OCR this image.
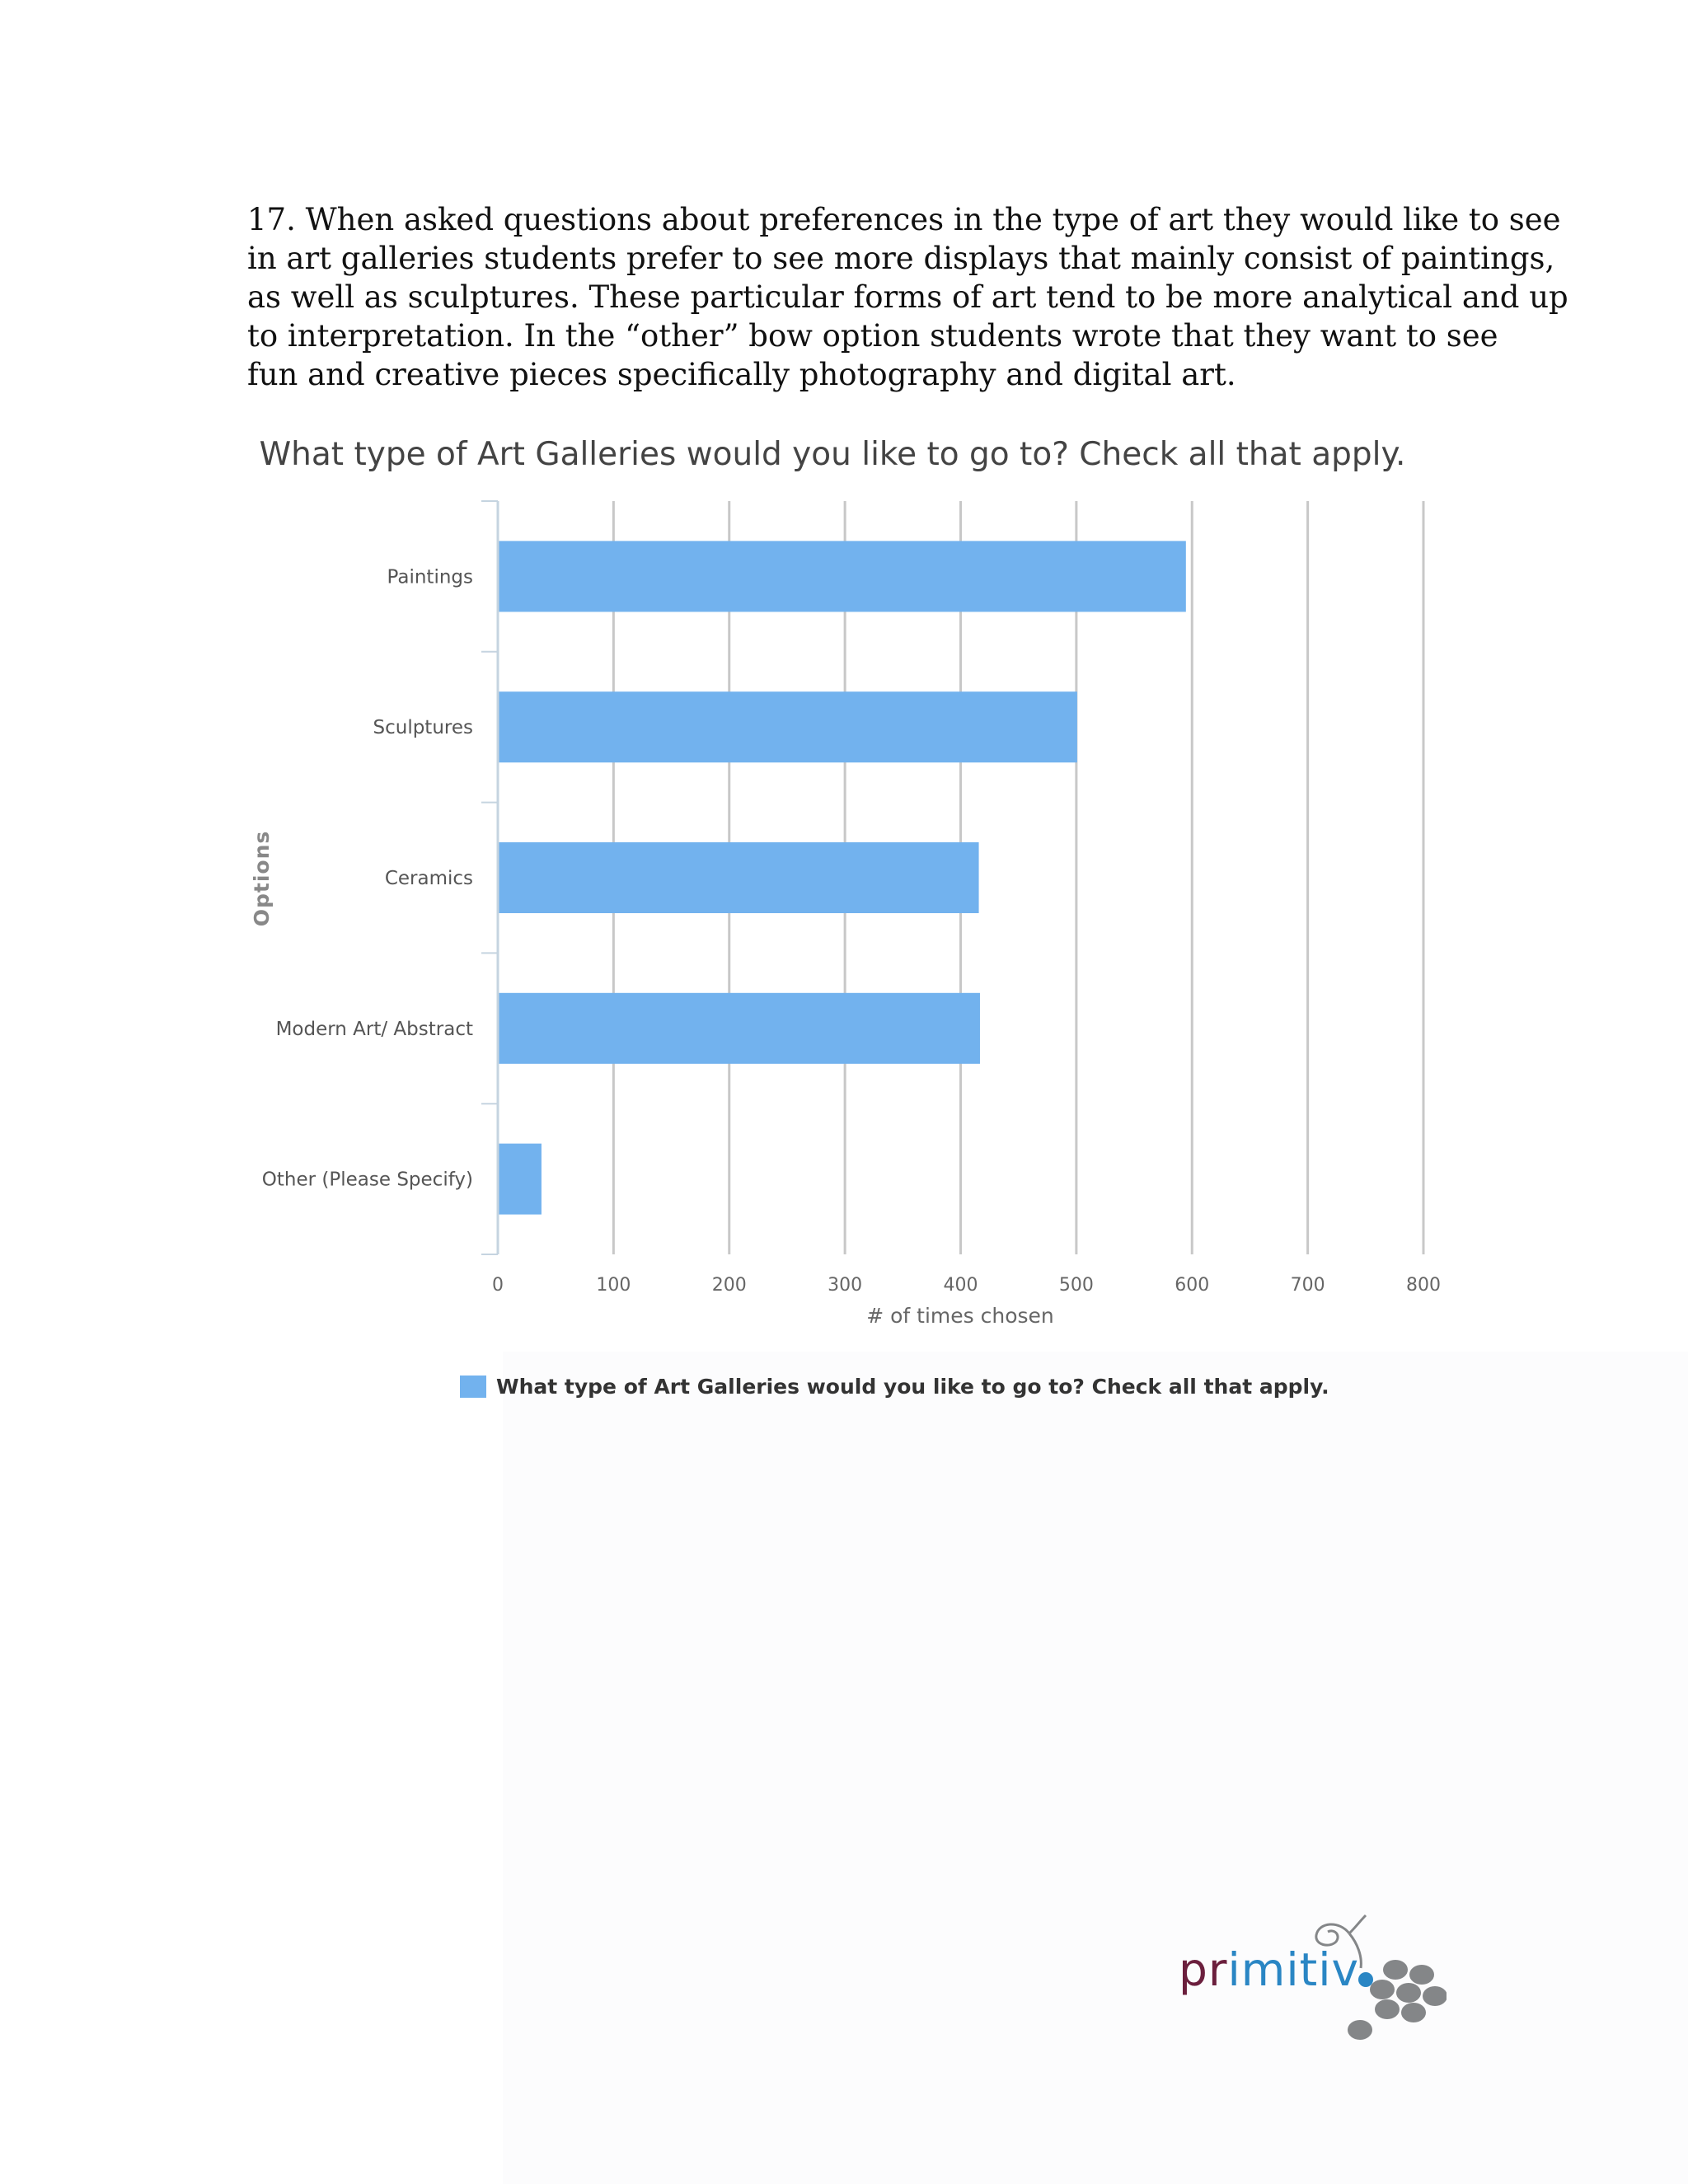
17. When asked questions about preferences in the type of art they would like to see
in art galleries students prefer to see more displays that mainly consist of paintings,
as well as sculptures. These particular forms of art tend to be more analytical and up
to interpretation. In the “other” bow option students wrote that they want to see
fun and creative pieces specifically photography and digital art.

What type of Art Galleries would you like to go to? Check all that apply.
0	100	200	300	400	500	600	700	800
Paintings
Sculptures
Ceramics
Modern Art/ Abstract
Other (Please Specify)
# of times chosen
Options
What type of Art Galleries would you like to go to? Check all that apply.
primitiv
